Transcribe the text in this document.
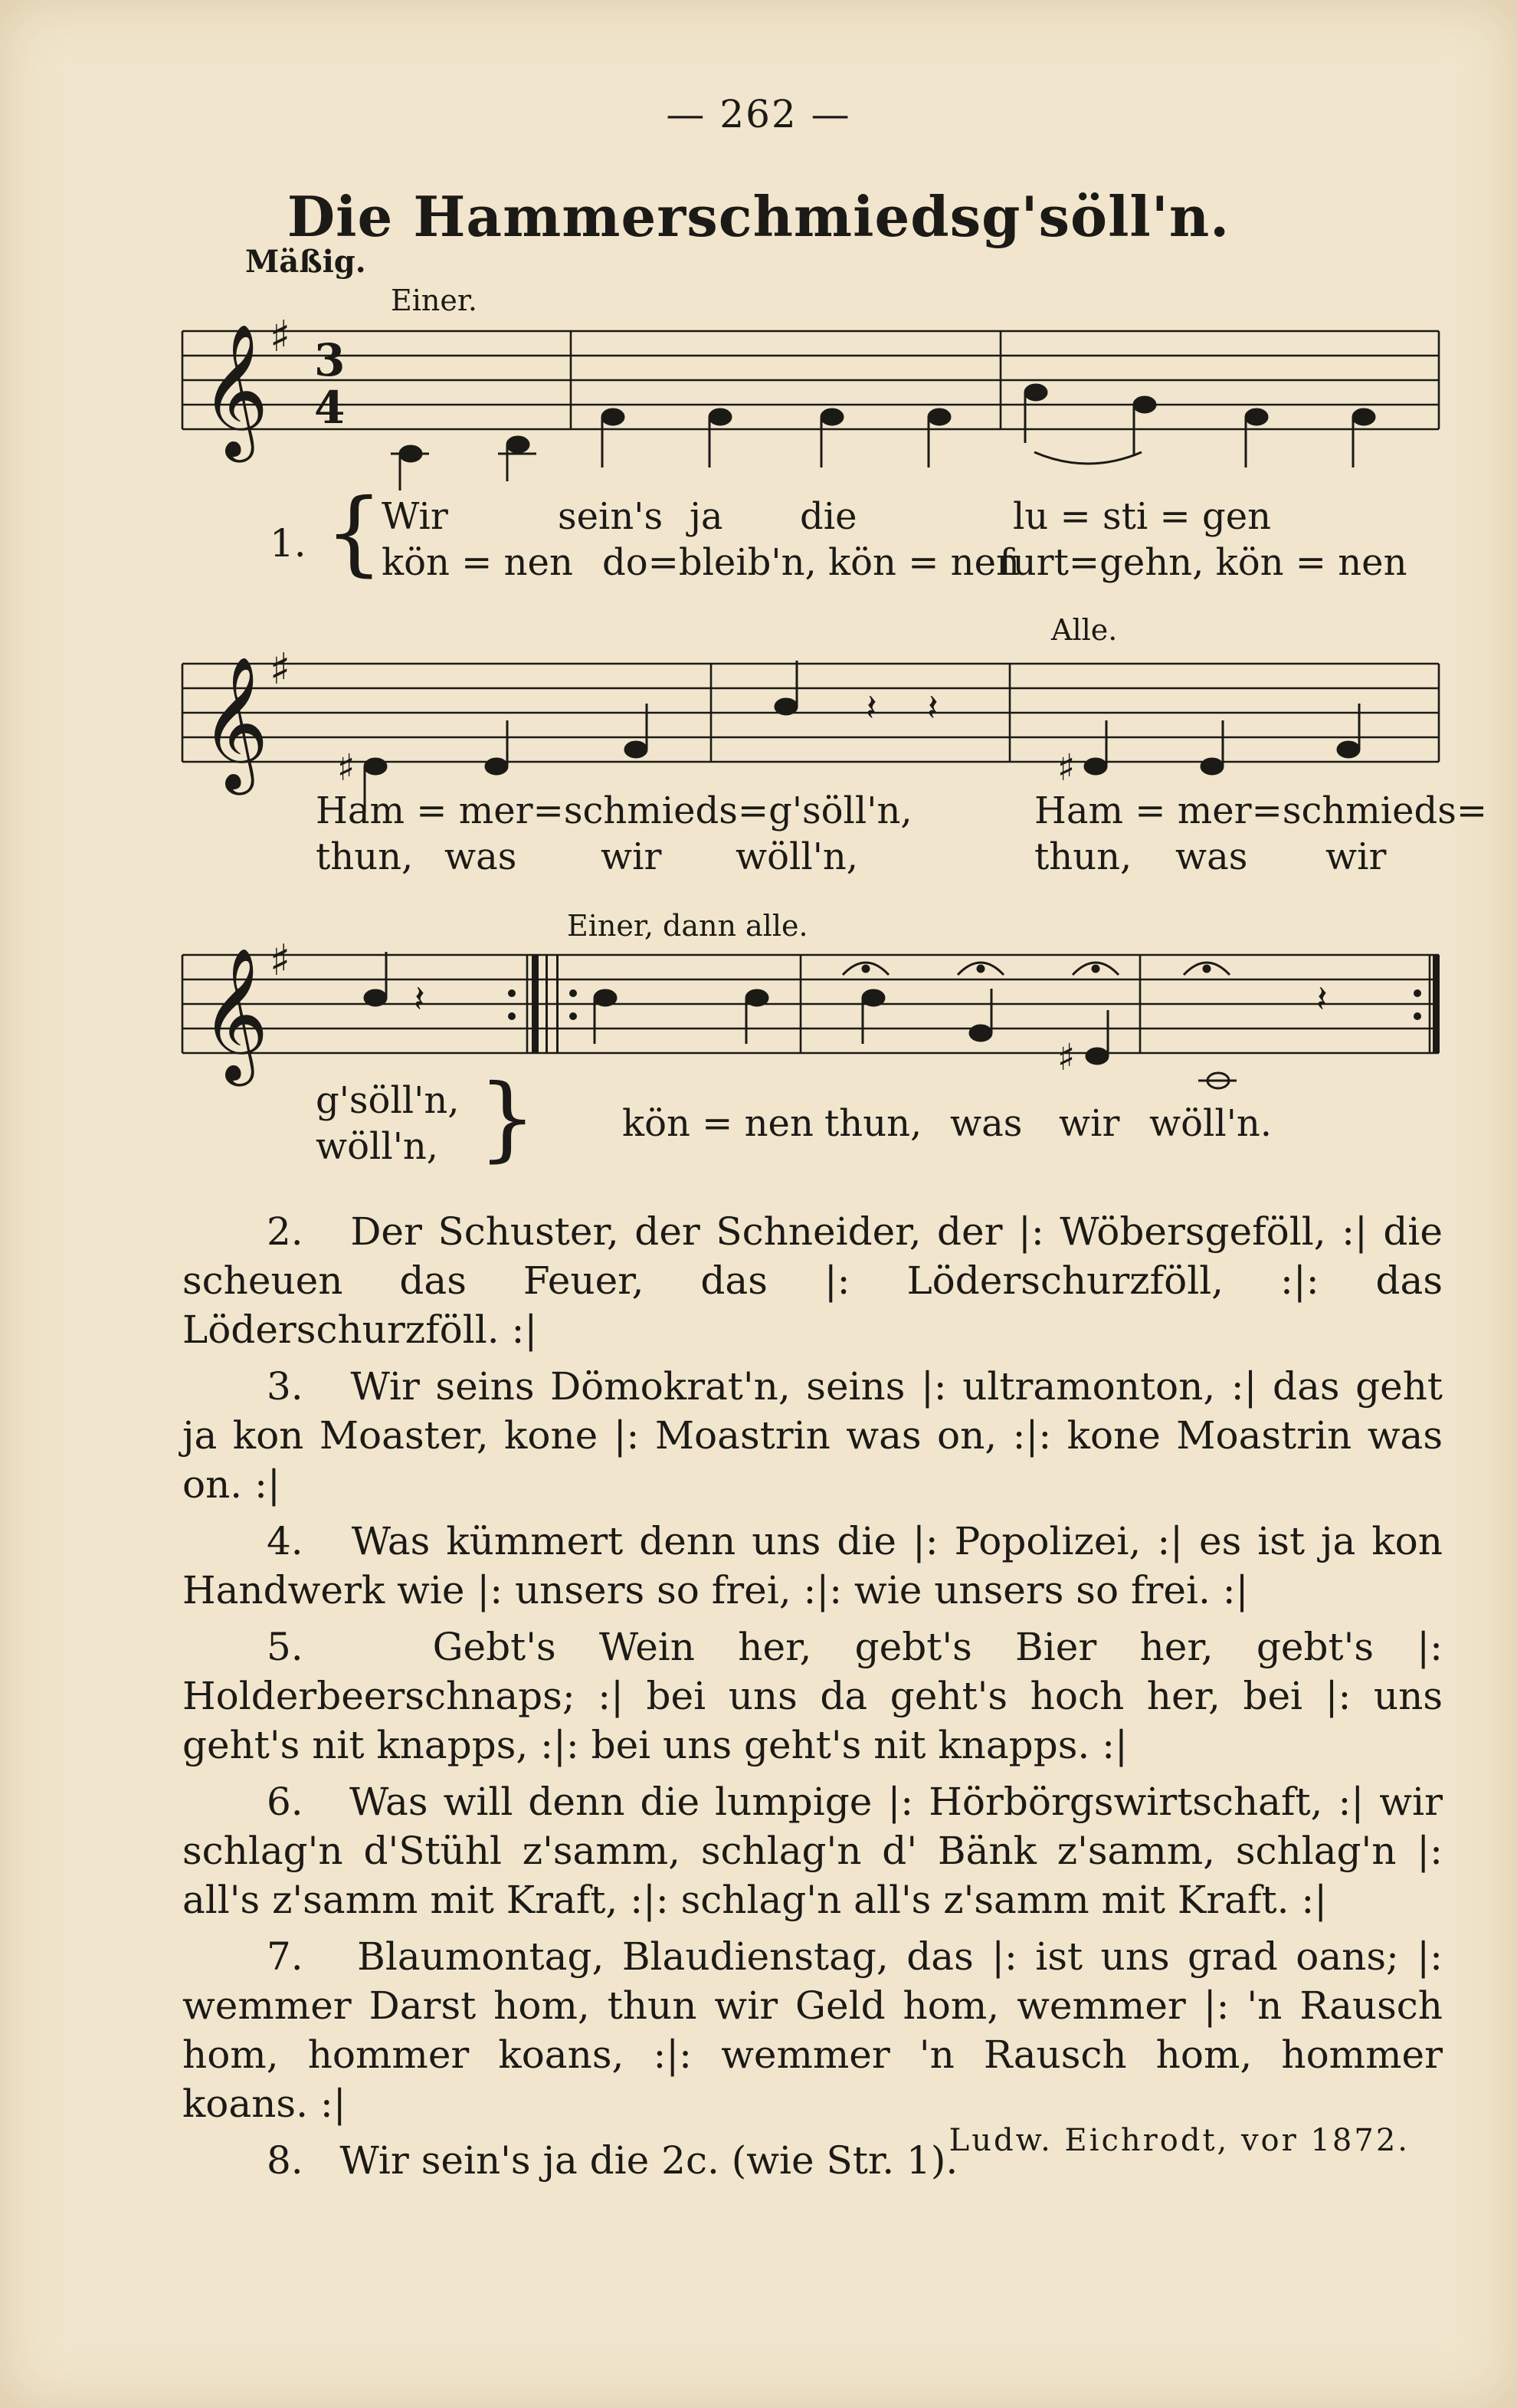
— 262 —
Die Hammerschmiedsg'söll'n.
Mäßig.
𝄞 ♯ 3
4
𝄞 ♯
𝄞 ♯
♯	♯
♯
𝄽 𝄽
𝄽	𝄽
Einer.
Alle.
Einer, dann alle.
1. {
Wir	sein's ja die	lu = sti = gen
kön = nen do=bleib'n, kön = nen
furt=gehn, kön = nen
Ham = mer=schmieds=g'söll'n,	Ham = mer=schmieds=
thun, was wir wöll'n,	thun, was wir
g'söll'n,
wöll'n, } kön = nen thun, was wir wöll'n.

2. Der Schuster, der Schneider, der |: Wöbersgeföll, :| die scheuen das Feuer, das |: Löderschurzföll, :|: das Löderschurzföll. :|

3. Wir seins Dömokrat'n, seins |: ultramonton, :| das geht ja kon Moaster, kone |: Moastrin was on, :|: kone Moastrin was on. :|

4. Was kümmert denn uns die |: Popolizei, :| es ist ja kon Handwerk wie |: unsers so frei, :|: wie unsers so frei. :|

5.	Gebt's Wein her, gebt's Bier her, gebt's |: Holderbeerschnaps; :| bei uns da geht's hoch her, bei |: uns geht's nit knapps, :|: bei uns geht's nit knapps. :|

6. Was will denn die lumpige |: Hörbörgswirtschaft, :| wir schlag'n d'Stühl z'samm, schlag'n d' Bänk z'samm, schlag'n |: all's z'samm mit Kraft, :|: schlag'n all's z'samm mit Kraft. :|

7. Blaumontag, Blaudienstag, das |: ist uns grad oans; |: wemmer Darst hom, thun wir Geld hom, wemmer |: 'n Rausch hom, hommer koans, :|: wemmer 'n Rausch hom, hommer koans. :|

8. Wir sein's ja die 2c. (wie Str. 1).

Ludw. Eichrodt, vor 1872.
